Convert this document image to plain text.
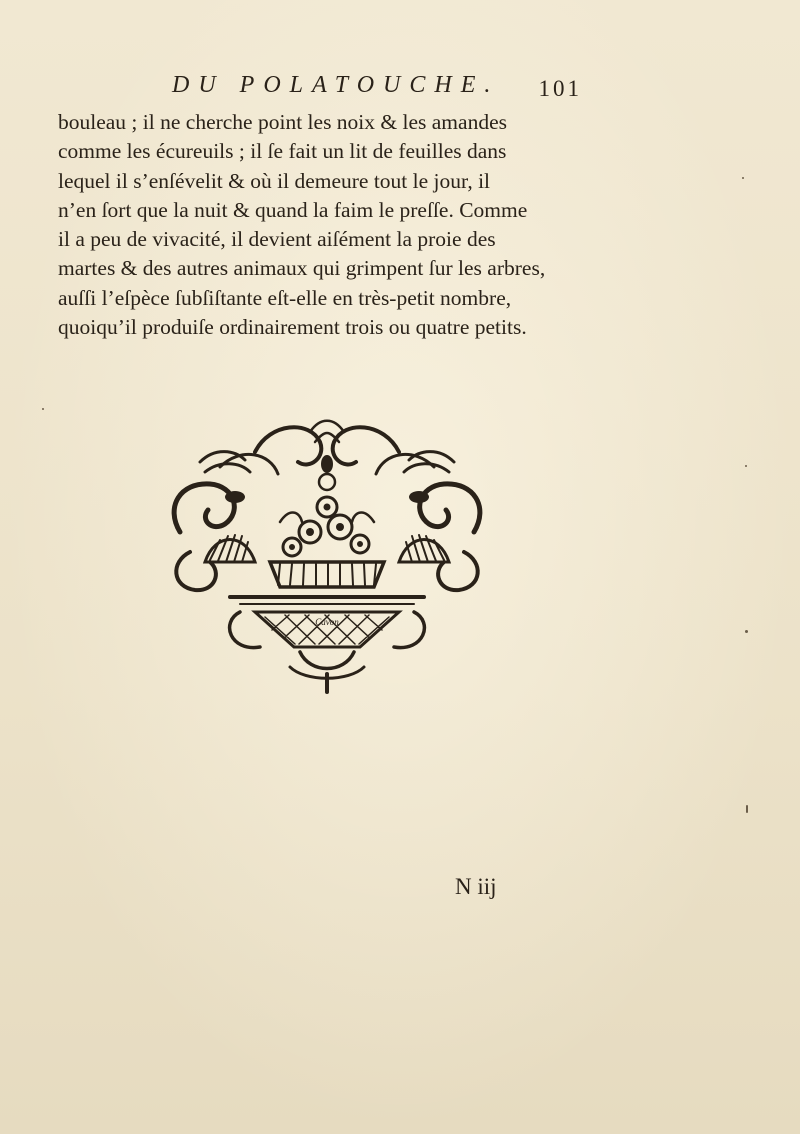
DU POLATOUCHE. 101
bouleau ; il ne cherche point les noix & les amandes
comme les écureuils ; il ſe fait un lit de feuilles dans
lequel il s’enſévelit & où il demeure tout le jour, il
n’en ſort que la nuit & quand la faim le preſſe. Comme
il a peu de vivacité, il devient aiſément la proie des
martes & des autres animaux qui grimpent ſur les arbres,
auſſi l’eſpèce ſubſiſtante eſt-elle en très-petit nombre,
quoiqu’il produiſe ordinairement trois ou quatre petits.
Cavon
N iij
